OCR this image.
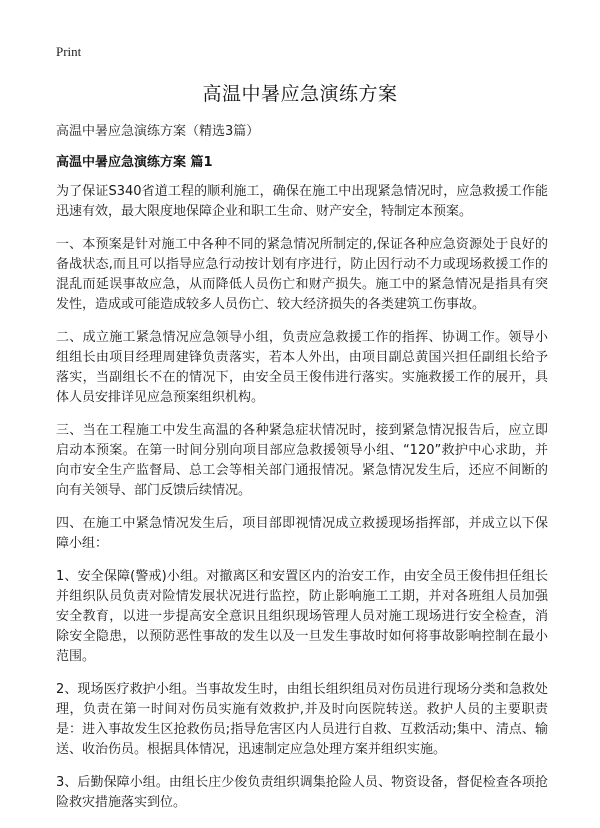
Print
高温中暑应急演练方案
高温中暑应急演练方案（精选3篇）
高温中暑应急演练方案 篇1

为了保证S340省道工程的顺利施工，确保在施工中出现紧急情况时，应急救援工作能迅速有效，最大限度地保障企业和职工生命、财产安全，特制定本预案。

一、本预案是针对施工中各种不同的紧急情况所制定的,保证各种应急资源处于良好的备战状态,而且可以指导应急行动按计划有序进行，防止因行动不力或现场救援工作的混乱而延误事故应急，从而降低人员伤亡和财产损失。施工中的紧急情况是指具有突发性，造成或可能造成较多人员伤亡、较大经济损失的各类建筑工伤事故。

二、成立施工紧急情况应急领导小组，负责应急救援工作的指挥、协调工作。领导小组组长由项目经理周建锋负责落实，若本人外出，由项目副总黄国兴担任副组长给予落实，当副组长不在的情况下，由安全员王俊伟进行落实。实施救援工作的展开，具体人员安排详见应急预案组织机构。

三、当在工程施工中发生高温的各种紧急症状情况时，接到紧急情况报告后，应立即启动本预案。在第一时间分别向项目部应急救援领导小组、“120”救护中心求助，并向市安全生产监督局、总工会等相关部门通报情况。紧急情况发生后，还应不间断的向有关领导、部门反馈后续情况。

四、在施工中紧急情况发生后，项目部即视情况成立救援现场指挥部，并成立以下保障小组：

1、安全保障(警戒)小组。对撤离区和安置区内的治安工作，由安全员王俊伟担任组长并组织队员负责对险情发展状况进行监控，防止影响施工工期，并对各班组人员加强安全教育，以进一步提高安全意识且组织现场管理人员对施工现场进行安全检查，消除安全隐患，以预防恶性事故的发生以及一旦发生事故时如何将事故影响控制在最小范围。

2、现场医疗救护小组。当事故发生时，由组长组织组员对伤员进行现场分类和急救处理，负责在第一时间对伤员实施有效救护,并及时向医院转送。救护人员的主要职责是：进入事故发生区抢救伤员;指导危害区内人员进行自救、互救活动;集中、清点、输送、收治伤员。根据具体情况，迅速制定应急处理方案并组织实施。

3、后勤保障小组。由组长庄少俊负责组织调集抢险人员、物资设备，督促检查各项抢险救灾措施落实到位。
